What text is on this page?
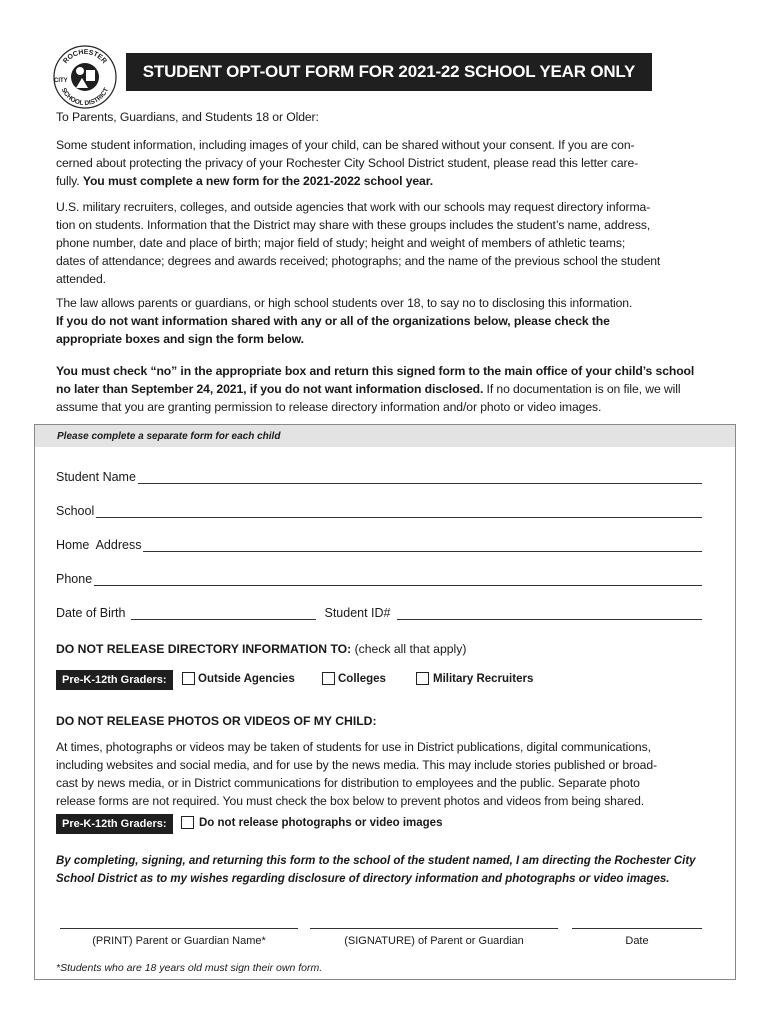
ROCHESTER
CITY
SCHOOL DISTRICT
STUDENT OPT-OUT FORM FOR 2021-22 SCHOOL YEAR ONLY
To Parents, Guardians, and Students 18 or Older:
Some student information, including images of your child, can be shared without your consent. If you are con-
cerned about protecting the privacy of your Rochester City School District student, please read this letter care-
fully. You must complete a new form for the 2021-2022 school year.
U.S. military recruiters, colleges, and outside agencies that work with our schools may request directory informa-
tion on students. Information that the District may share with these groups includes the student’s name, address,
phone number, date and place of birth; major field of study; height and weight of members of athletic teams;
dates of attendance; degrees and awards received; photographs; and the name of the previous school the student
attended.
The law allows parents or guardians, or high school students over 18, to say no to disclosing this information.
If you do not want information shared with any or all of the organizations below, please check the
appropriate boxes and sign the form below.
You must check “no” in the appropriate box and return this signed form to the main office of your child’s school
no later than September 24, 2021, if you do not want information disclosed. If no documentation is on file, we will
assume that you are granting permission to release directory information and/or photo or video images.
Please complete a separate form for each child
Student Name
School
Home  Address
Phone
Date of Birth	Student ID#
DO NOT RELEASE DIRECTORY INFORMATION TO: (check all that apply)
Pre-K-12th Graders:	Outside Agencies	Colleges	Military Recruiters
DO NOT RELEASE PHOTOS OR VIDEOS OF MY CHILD:
At times, photographs or videos may be taken of students for use in District publications, digital communications,
including websites and social media, and for use by the news media. This may include stories published or broad-
cast by news media, or in District communications for distribution to employees and the public. Separate photo
release forms are not required. You must check the box below to prevent photos and videos from being shared.
Pre-K-12th Graders:	Do not release photographs or video images
By completing, signing, and returning this form to the school of the student named, I am directing the Rochester City
School District as to my wishes regarding disclosure of directory information and photographs or video images.
(PRINT) Parent or Guardian Name*	(SIGNATURE) of Parent or Guardian	Date
*Students who are 18 years old must sign their own form.
